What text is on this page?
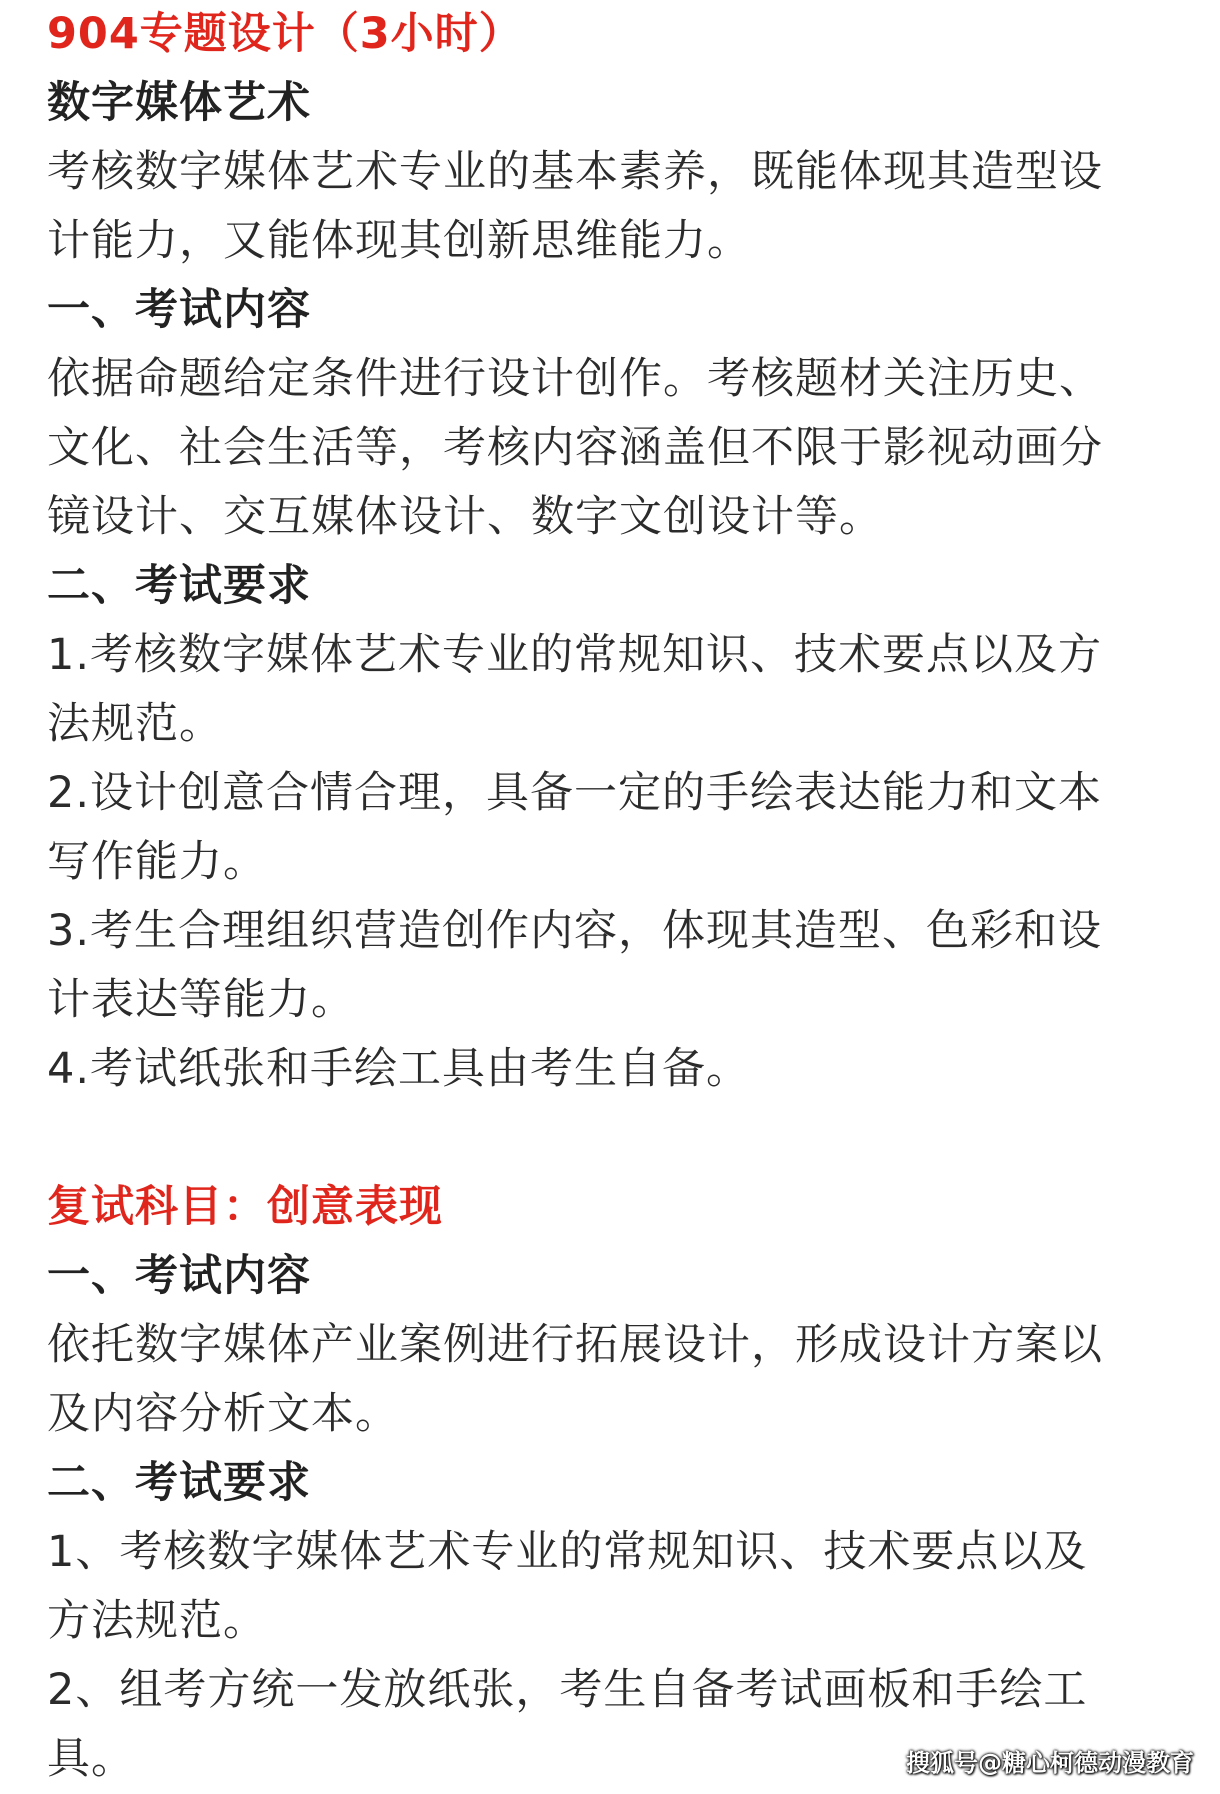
904专题设计（3小时）
数字媒体艺术
考核数字媒体艺术专业的基本素养，既能体现其造型设
计能力，又能体现其创新思维能力。
一、考试内容
依据命题给定条件进行设计创作。考核题材关注历史、
文化、社会生活等，考核内容涵盖但不限于影视动画分
镜设计、交互媒体设计、数字文创设计等。
二、考试要求
1.考核数字媒体艺术专业的常规知识、技术要点以及方
法规范。
2.设计创意合情合理，具备一定的手绘表达能力和文本
写作能力。
3.考生合理组织营造创作内容，体现其造型、色彩和设
计表达等能力。
4.考试纸张和手绘工具由考生自备。
复试科目：创意表现
一、考试内容
依托数字媒体产业案例进行拓展设计，形成设计方案以
及内容分析文本。
二、考试要求
1、考核数字媒体艺术专业的常规知识、技术要点以及
方法规范。
2、组考方统一发放纸张，考生自备考试画板和手绘工
具。	搜狐号@糖心柯德动漫教育
